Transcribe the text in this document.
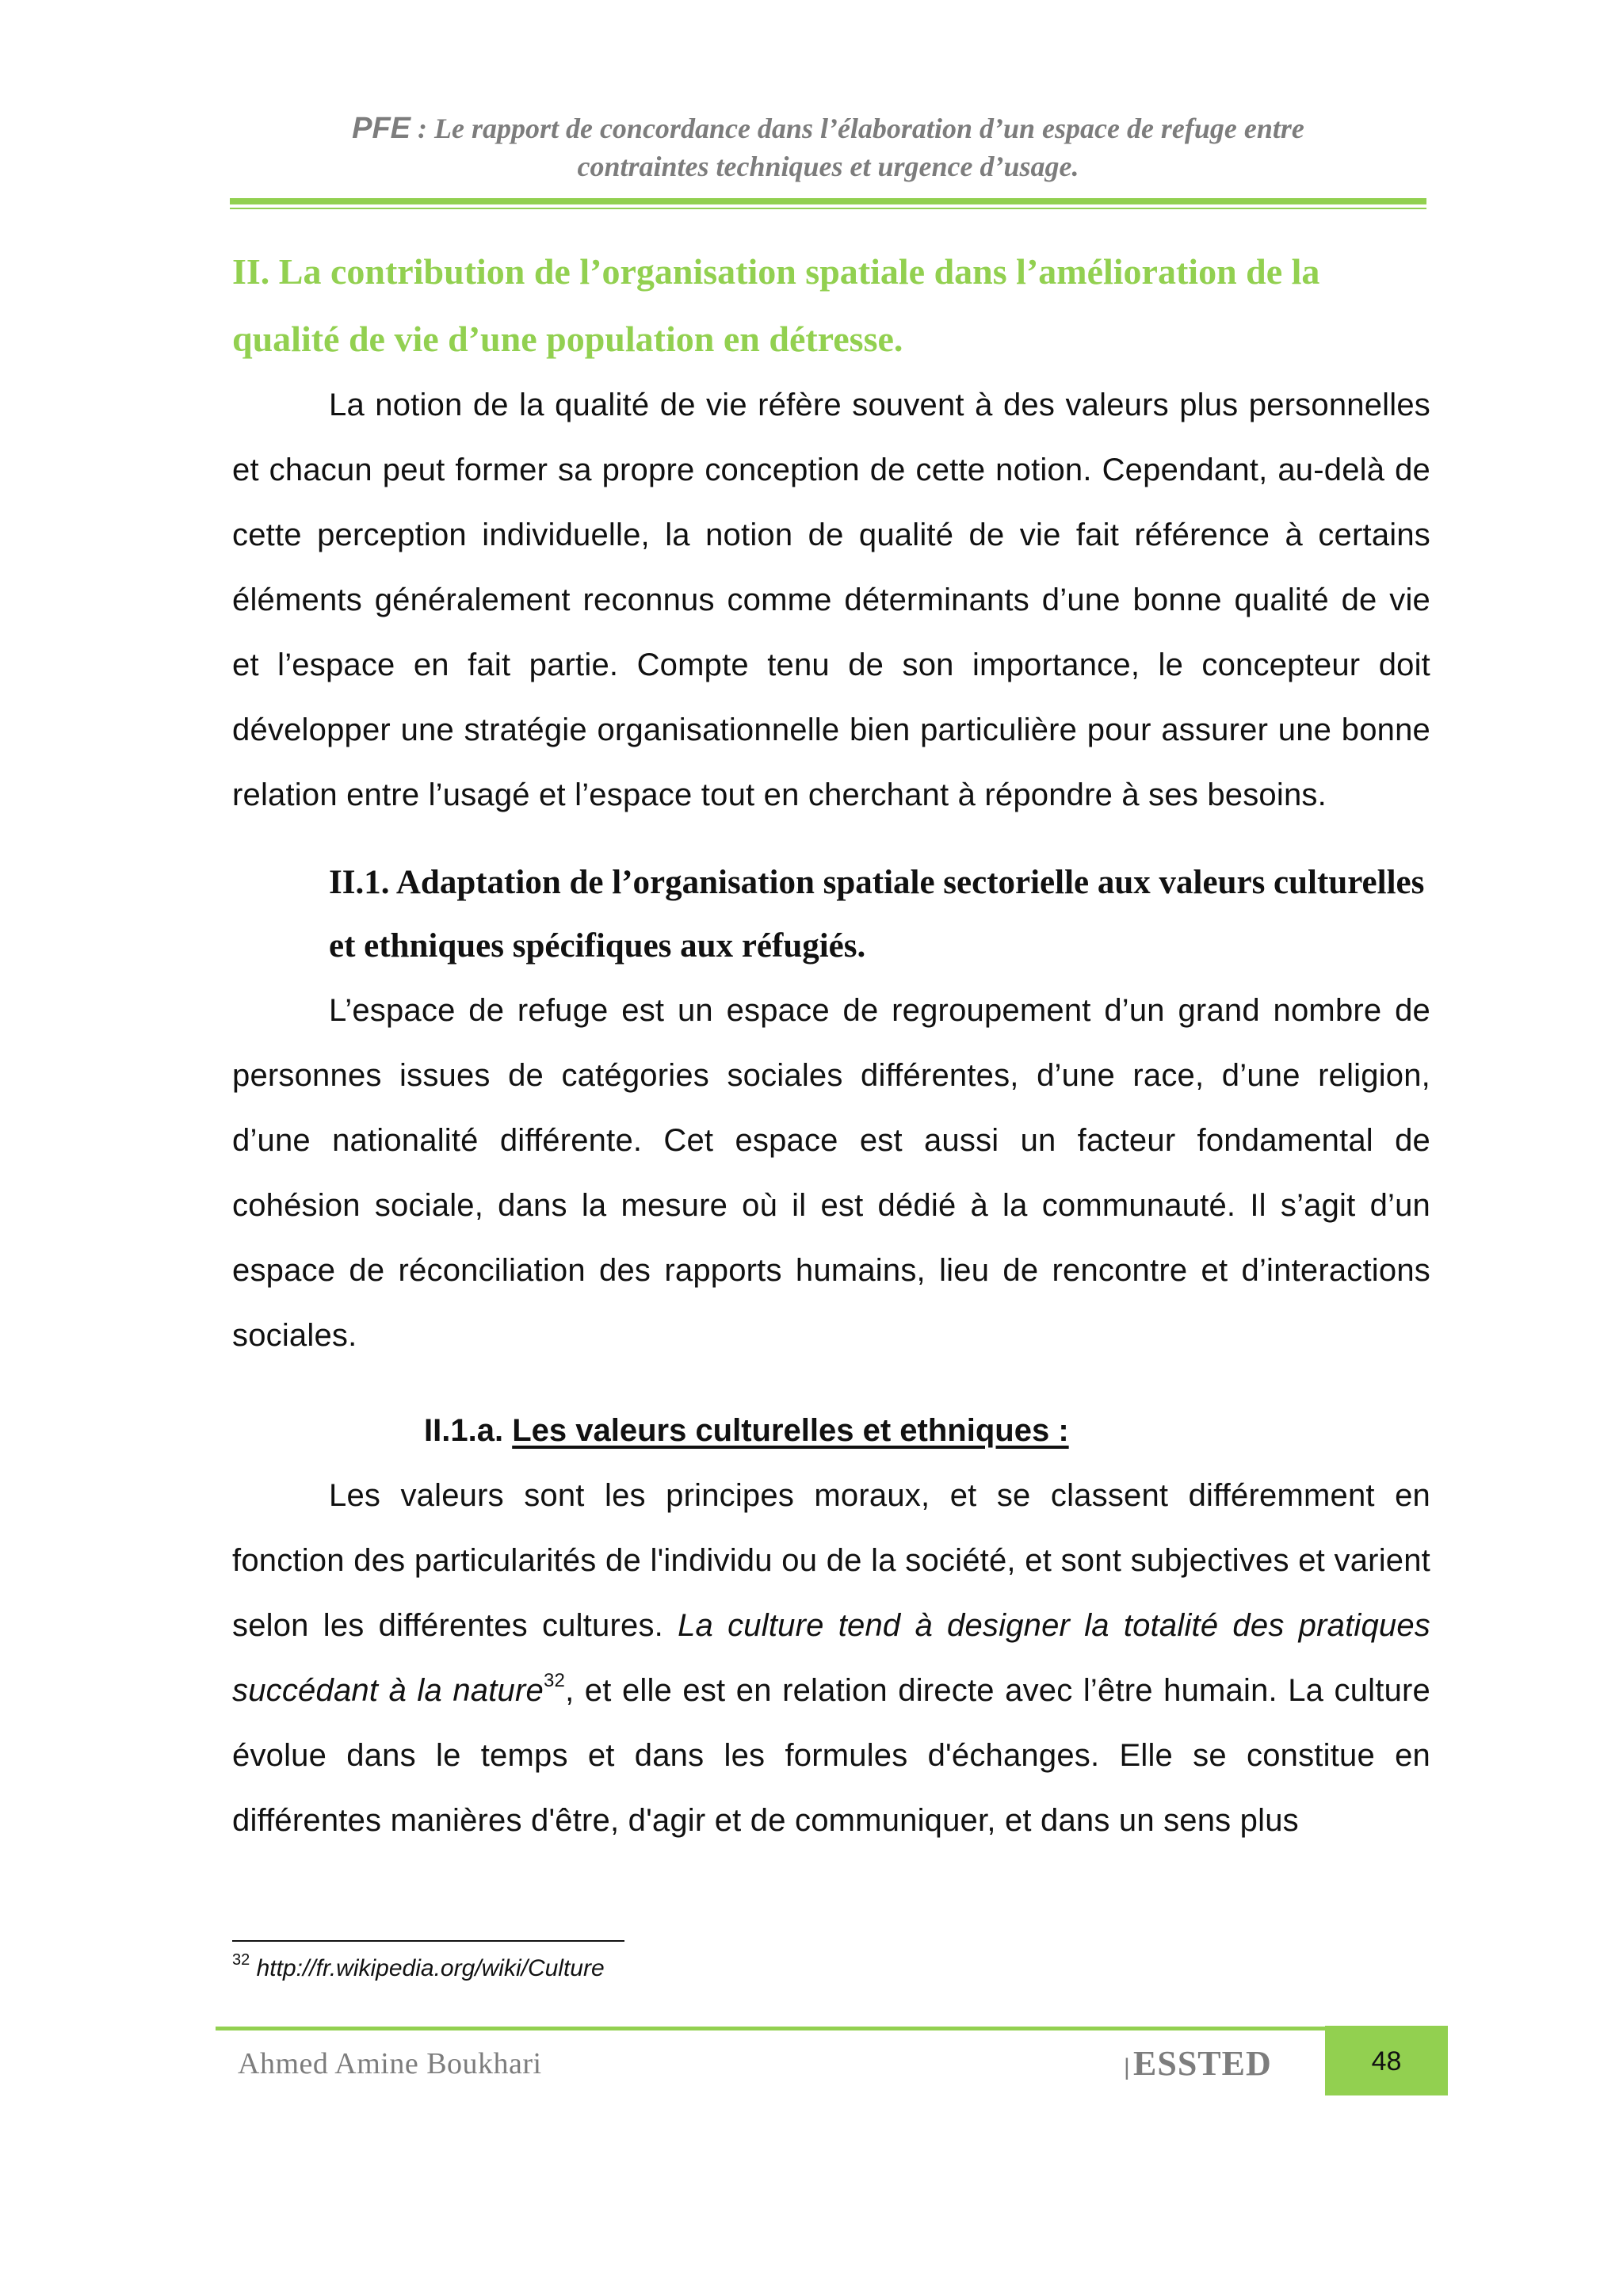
PFE : Le rapport de concordance dans l’élaboration d’un espace de refuge entre
contraintes techniques et urgence d’usage.
II. La contribution de l’organisation spatiale dans l’amélioration de la qualité de vie d’une population en détresse.

La notion de la qualité de vie réfère souvent à des valeurs plus personnelles et chacun peut former sa propre conception de cette notion. Cependant, au-delà de cette perception individuelle, la notion de qualité de vie fait référence à certains éléments généralement reconnus comme déterminants d’une bonne qualité de vie et l’espace en fait partie. Compte tenu de son importance, le concepteur doit développer une stratégie organisationnelle bien particulière pour assurer une bonne relation entre l’usagé et l’espace tout en cherchant à répondre à ses besoins.

II.1. Adaptation de l’organisation spatiale sectorielle aux valeurs culturelles et ethniques spécifiques aux réfugiés.

L’espace de refuge est un espace de regroupement d’un grand nombre de personnes issues de catégories sociales différentes, d’une race, d’une religion, d’une nationalité différente. Cet espace est aussi un facteur fondamental de cohésion sociale, dans la mesure où il est dédié à la communauté. Il s’agit d’un espace de réconciliation des rapports humains, lieu de rencontre et d’interactions sociales.

II.1.a. Les valeurs culturelles et ethniques :

Les valeurs sont les principes moraux, et se classent différemment en fonction des particularités de l'individu ou de la société, et sont subjectives et varient selon les différentes cultures. La culture tend à designer la totalité des pratiques succédant à la nature$^{32}$, et elle est en relation directe avec l’être humain. La culture évolue dans le temps et dans les formules d'échanges. Elle se constitue en différentes manières d'être, d'agir et de communiquer, et dans un sens plus

$^{32}$ http://fr.wikipedia.org/wiki/Culture
Ahmed Amine Boukhari	| ESSTED	48
